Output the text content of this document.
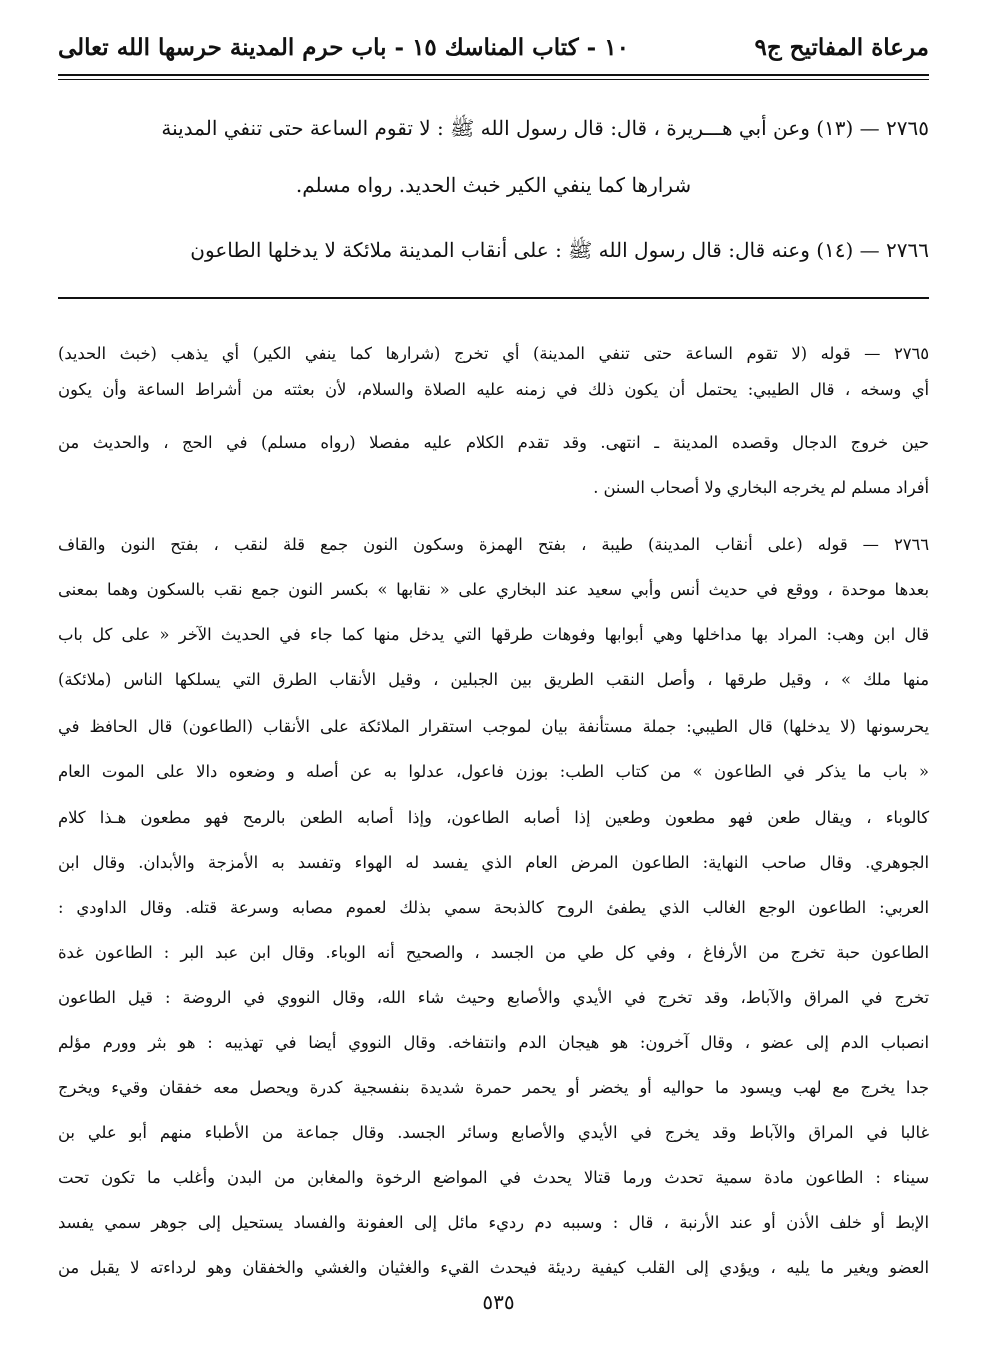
مرعاة المفاتيح ج٩
١٠ - كتاب المناسك ١٥ - باب حرم المدينة حرسها الله تعالى
٢٧٦٥ — (١٣) وعن أبي هـــريرة ، قال: قال رسول الله ﷺ : لا تقوم الساعة حتى تنفي المدينة
شرارها كما ينفي الكير خبث الحديد. رواه مسلم.
٢٧٦٦ — (١٤) وعنه قال: قال رسول الله ﷺ : على أنقاب المدينة ملائكة لا يدخلها الطاعون
٢٧٦٥ — قوله (لا تقوم الساعة حتى تنفي المدينة) أي تخرج (شرارها كما ينفي الكير) أي يذهب (خبث الحديد)
أي وسخه ، قال الطيبي: يحتمل أن يكون ذلك في زمنه عليه الصلاة والسلام، لأن بعثته من أشراط الساعة وأن يكون
حين خروج الدجال وقصده المدينة ـ انتهى. وقد تقدم الكلام عليه مفصلا (رواه مسلم) في الحج ، والحديث من
أفراد مسلم لم يخرجه البخاري ولا أصحاب السنن .
٢٧٦٦ — قوله (على أنقاب المدينة) طيبة ، بفتح الهمزة وسكون النون جمع قلة لنقب ، بفتح النون والقاف
بعدها موحدة ، ووقع في حديث أنس وأبي سعيد عند البخاري على « نقابها » بكسر النون جمع نقب بالسكون وهما بمعنى
قال ابن وهب: المراد بها مداخلها وهي أبوابها وفوهات طرقها التي يدخل منها كما جاء في الحديث الآخر « على كل باب
منها ملك » ، وقيل طرقها ، وأصل النقب الطريق بين الجبلين ، وقيل الأنقاب الطرق التي يسلكها الناس (ملائكة)
يحرسونها (لا يدخلها) قال الطيبي: جملة مستأنفة بيان لموجب استقرار الملائكة على الأنقاب (الطاعون) قال الحافظ في
« باب ما يذكر في الطاعون » من كتاب الطب: بوزن فاعول، عدلوا به عن أصله و وضعوه دالا على الموت العام
كالوباء ، ويقال طعن فهو مطعون وطعين إذا أصابه الطاعون، وإذا أصابه الطعن بالرمح فهو مطعون هـذا كلام
الجوهري. وقال صاحب النهاية: الطاعون المرض العام الذي يفسد له الهواء وتفسد به الأمزجة والأبدان. وقال ابن
العربي: الطاعون الوجع الغالب الذي يطفئ الروح كالذبحة سمي بذلك لعموم مصابه وسرعة قتله. وقال الداودي :
الطاعون حبة تخرج من الأرفاغ ، وفي كل طي من الجسد ، والصحيح أنه الوباء. وقال ابن عبد البر : الطاعون غدة
تخرج في المراق والآباط، وقد تخرج في الأيدي والأصابع وحيث شاء الله، وقال النووي في الروضة : قيل الطاعون
انصباب الدم إلى عضو ، وقال آخرون: هو هيجان الدم وانتفاخه. وقال النووي أيضا في تهذيبه : هو بثر وورم مؤلم
جدا يخرج مع لهب ويسود ما حواليه أو يخضر أو يحمر حمرة شديدة بنفسجية كدرة ويحصل معه خفقان وقيء ويخرج
غالبا في المراق والآباط وقد يخرج في الأيدي والأصابع وسائر الجسد. وقال جماعة من الأطباء منهم أبو علي بن
سيناء : الطاعون مادة سمية تحدث ورما قتالا يحدث في المواضع الرخوة والمغابن من البدن وأغلب ما تكون تحت
الإبط أو خلف الأذن أو عند الأرنبة ، قال : وسببه دم رديء مائل إلى العفونة والفساد يستحيل إلى جوهر سمي يفسد
العضو ويغير ما يليه ، ويؤدي إلى القلب كيفية رديئة فيحدث القيء والغثيان والغشي والخفقان وهو لرداءته لا يقبل من
٥٣٥
